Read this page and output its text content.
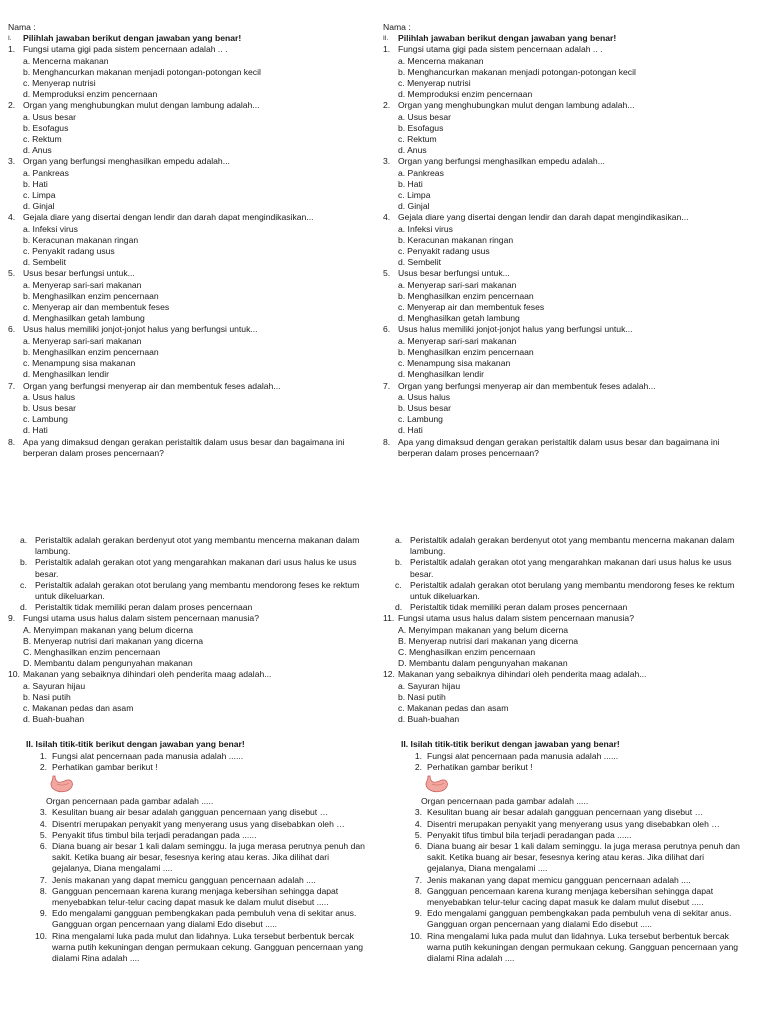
Nama :
I.	Pilihlah jawaban berikut dengan jawaban yang benar!
1. Fungsi utama gigi pada sistem pencernaan adalah .. .
a. Mencerna makanan
b. Menghancurkan makanan menjadi potongan-potongan kecil
c. Menyerap nutrisi
d. Memproduksi enzim pencernaan
2. Organ yang menghubungkan mulut dengan lambung adalah...
a. Usus besar
b. Esofagus
c. Rektum
d. Anus
3. Organ yang berfungsi menghasilkan empedu adalah...
a. Pankreas
b. Hati
c. Limpa
d. Ginjal
4. Gejala diare yang disertai dengan lendir dan darah dapat mengindikasikan...
a. Infeksi virus
b. Keracunan makanan ringan
c. Penyakit radang usus
d. Sembelit
5. Usus besar berfungsi untuk...
a. Menyerap sari-sari makanan
b. Menghasilkan enzim pencernaan
c. Menyerap air dan membentuk feses
d. Menghasilkan getah lambung
6. Usus halus memiliki jonjot-jonjot halus yang berfungsi untuk...
a. Menyerap sari-sari makanan
b. Menghasilkan enzim pencernaan
c. Menampung sisa makanan
d. Menghasilkan lendir
7. Organ yang berfungsi menyerap air dan membentuk feses adalah...
a. Usus halus
b. Usus besar
c. Lambung
d. Hati
8. Apa yang dimaksud dengan gerakan peristaltik dalam usus besar dan bagaimana ini berperan dalam proses pencernaan?
a. Peristaltik adalah gerakan berdenyut otot yang membantu mencerna makanan dalam lambung.
b. Peristaltik adalah gerakan otot yang mengarahkan makanan dari usus halus ke usus besar.
c. Peristaltik adalah gerakan otot berulang yang membantu mendorong feses ke rektum untuk dikeluarkan.
d. Peristaltik tidak memiliki peran dalam proses pencernaan
9. Fungsi utama usus halus dalam sistem pencernaan manusia?
A. Menyimpan makanan yang belum dicerna
B. Menyerap nutrisi dari makanan yang dicerna
C. Menghasilkan enzim pencernaan
D. Membantu dalam pengunyahan makanan
10. Makanan yang sebaiknya dihindari oleh penderita maag adalah...
a. Sayuran hijau
b. Nasi putih
c. Makanan pedas dan asam
d. Buah-buahan
II. Isilah titik-titik berikut dengan jawaban yang benar!
1. Fungsi alat pencernaan pada manusia adalah ......
2. Perhatikan gambar berikut !
Organ pencernaan pada gambar adalah .....
3. Kesulitan buang air besar adalah gangguan pencernaan yang disebut …
4. Disentri merupakan penyakit yang menyerang usus yang disebabkan oleh …
5. Penyakit tifus timbul bila terjadi peradangan pada ......
6. Diana buang air besar 1 kali dalam seminggu. Ia juga merasa perutnya penuh dan sakit. Ketika buang air besar, fesesnya kering atau keras. Jika dilihat dari gejalanya, Diana mengalami ....
7. Jenis makanan yang dapat memicu gangguan pencernaan adalah ....
8. Gangguan pencernaan karena kurang menjaga kebersihan sehingga dapat menyebabkan telur-telur cacing dapat masuk ke dalam mulut disebut .....
9. Edo mengalami gangguan pembengkakan pada pembuluh vena di sekitar anus. Gangguan organ pencernaan yang dialami Edo disebut .....
10. Rina mengalami luka pada mulut dan lidahnya. Luka tersebut berbentuk bercak warna putih kekuningan dengan permukaan cekung. Gangguan pencernaan yang dialami Rina adalah ....
Nama :
II.	Pilihlah jawaban berikut dengan jawaban yang benar!
1. Fungsi utama gigi pada sistem pencernaan adalah .. .
a. Mencerna makanan
b. Menghancurkan makanan menjadi potongan-potongan kecil
c. Menyerap nutrisi
d. Memproduksi enzim pencernaan
2. Organ yang menghubungkan mulut dengan lambung adalah...
a. Usus besar
b. Esofagus
c. Rektum
d. Anus
3. Organ yang berfungsi menghasilkan empedu adalah...
a. Pankreas
b. Hati
c. Limpa
d. Ginjal
4. Gejala diare yang disertai dengan lendir dan darah dapat mengindikasikan...
a. Infeksi virus
b. Keracunan makanan ringan
c. Penyakit radang usus
d. Sembelit
5. Usus besar berfungsi untuk...
a. Menyerap sari-sari makanan
b. Menghasilkan enzim pencernaan
c. Menyerap air dan membentuk feses
d. Menghasilkan getah lambung
6. Usus halus memiliki jonjot-jonjot halus yang berfungsi untuk...
a. Menyerap sari-sari makanan
b. Menghasilkan enzim pencernaan
c. Menampung sisa makanan
d. Menghasilkan lendir
7. Organ yang berfungsi menyerap air dan membentuk feses adalah...
a. Usus halus
b. Usus besar
c. Lambung
d. Hati
8. Apa yang dimaksud dengan gerakan peristaltik dalam usus besar dan bagaimana ini berperan dalam proses pencernaan?
a. Peristaltik adalah gerakan berdenyut otot yang membantu mencerna makanan dalam lambung.
b. Peristaltik adalah gerakan otot yang mengarahkan makanan dari usus halus ke usus besar.
c. Peristaltik adalah gerakan otot berulang yang membantu mendorong feses ke rektum untuk dikeluarkan.
d. Peristaltik tidak memiliki peran dalam proses pencernaan
11. Fungsi utama usus halus dalam sistem pencernaan manusia?
A. Menyimpan makanan yang belum dicerna
B. Menyerap nutrisi dari makanan yang dicerna
C. Menghasilkan enzim pencernaan
D. Membantu dalam pengunyahan makanan
12. Makanan yang sebaiknya dihindari oleh penderita maag adalah...
a. Sayuran hijau
b. Nasi putih
c. Makanan pedas dan asam
d. Buah-buahan
II. Isilah titik-titik berikut dengan jawaban yang benar!
1. Fungsi alat pencernaan pada manusia adalah ......
2. Perhatikan gambar berikut !
Organ pencernaan pada gambar adalah .....
3. Kesulitan buang air besar adalah gangguan pencernaan yang disebut …
4. Disentri merupakan penyakit yang menyerang usus yang disebabkan oleh …
5. Penyakit tifus timbul bila terjadi peradangan pada ......
6. Diana buang air besar 1 kali dalam seminggu. Ia juga merasa perutnya penuh dan sakit. Ketika buang air besar, fesesnya kering atau keras. Jika dilihat dari gejalanya, Diana mengalami ....
7. Jenis makanan yang dapat memicu gangguan pencernaan adalah ....
8. Gangguan pencernaan karena kurang menjaga kebersihan sehingga dapat menyebabkan telur-telur cacing dapat masuk ke dalam mulut disebut .....
9. Edo mengalami gangguan pembengkakan pada pembuluh vena di sekitar anus. Gangguan organ pencernaan yang dialami Edo disebut .....
10. Rina mengalami luka pada mulut dan lidahnya. Luka tersebut berbentuk bercak warna putih kekuningan dengan permukaan cekung. Gangguan pencernaan yang dialami Rina adalah ....
